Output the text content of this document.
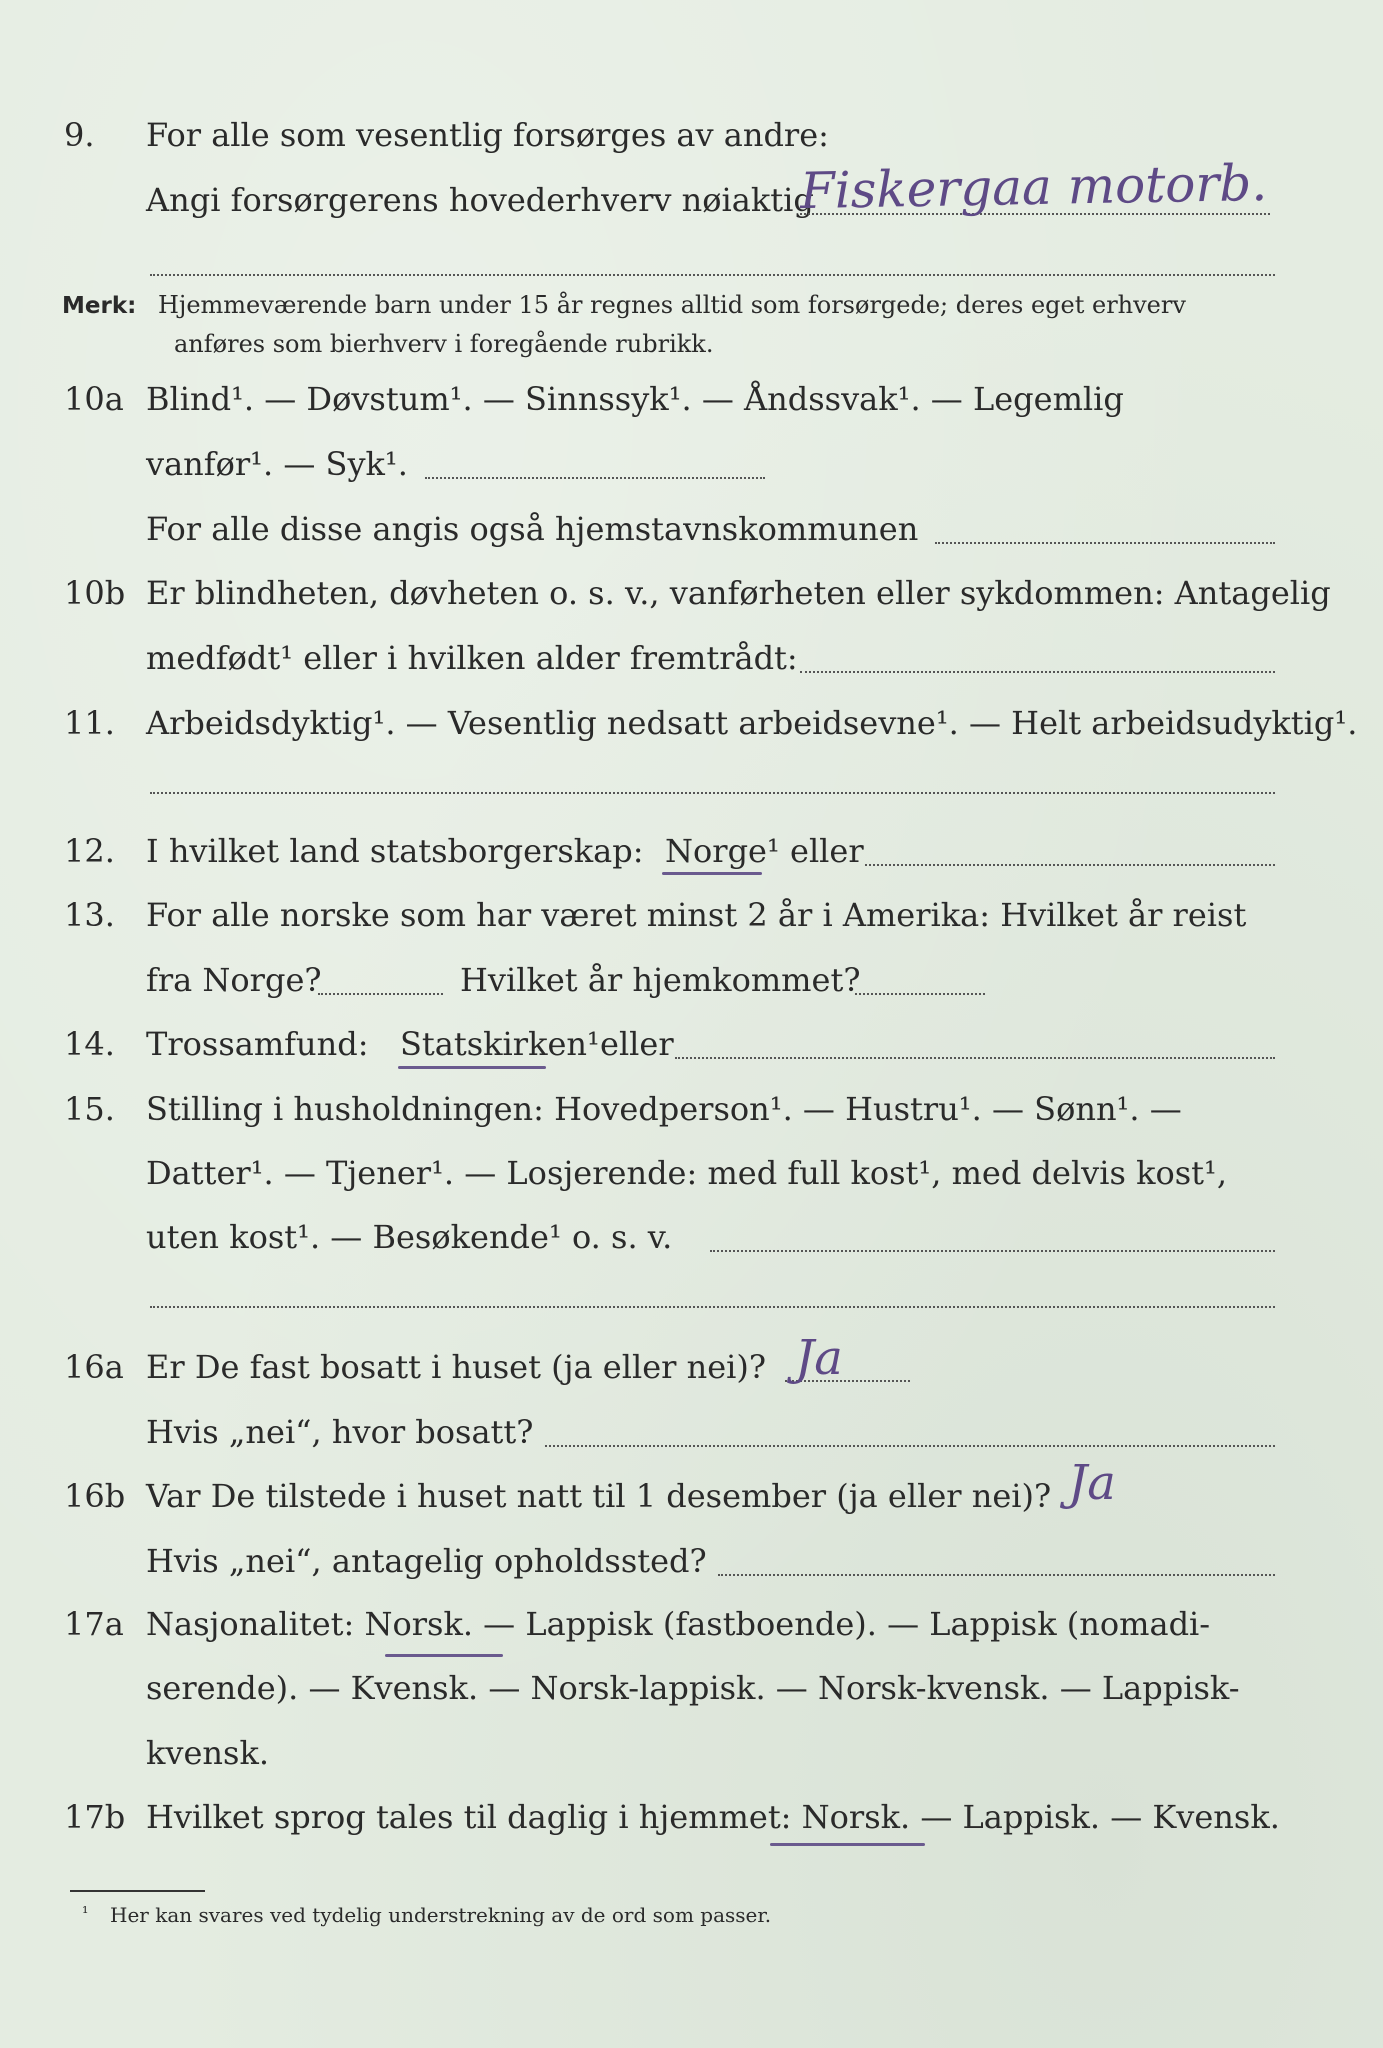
9. For alle som vesentlig forsørges av andre:
Angi forsørgerens hovederhverv nøiaktig
Fiskergaa motorb.
Merk: Hjemmeværende barn under 15 år regnes alltid som forsørgede; deres eget erhverv
anføres som bierhverv i foregående rubrikk.
10a Blind¹. — Døvstum¹. — Sinnssyk¹. — Åndssvak¹. — Legemlig
vanfør¹. — Syk¹.
For alle disse angis også hjemstavnskommunen
10b Er blindheten, døvheten o. s. v., vanførheten eller sykdommen: Antagelig
medfødt¹ eller i hvilken alder fremtrådt:
11. Arbeidsdyktig¹. — Vesentlig nedsatt arbeidsevne¹. — Helt arbeidsudyktig¹.
12. I hvilket land statsborgerskap: Norge¹ eller
13. For alle norske som har været minst 2 år i Amerika: Hvilket år reist
fra Norge?	Hvilket år hjemkommet?
14. Trossamfund: Statskirken¹ eller
15. Stilling i husholdningen: Hovedperson¹. — Hustru¹. — Sønn¹. —
Datter¹. — Tjener¹. — Losjerende: med full kost¹, med delvis kost¹,
uten kost¹. — Besøkende¹ o. s. v.
16a Er De fast bosatt i huset (ja eller nei)? Ja
Hvis „nei“, hvor bosatt?
16b Var De tilstede i huset natt til 1 desember (ja eller nei)? Ja
Hvis „nei“, antagelig opholdssted?
17a Nasjonalitet: Norsk. — Lappisk (fastboende). — Lappisk (nomadi-
serende). — Kvensk. — Norsk-lappisk. — Norsk-kvensk. — Lappisk-
kvensk.
17b Hvilket sprog tales til daglig i hjemmet: Norsk. — Lappisk. — Kvensk.
¹ Her kan svares ved tydelig understrekning av de ord som passer.
